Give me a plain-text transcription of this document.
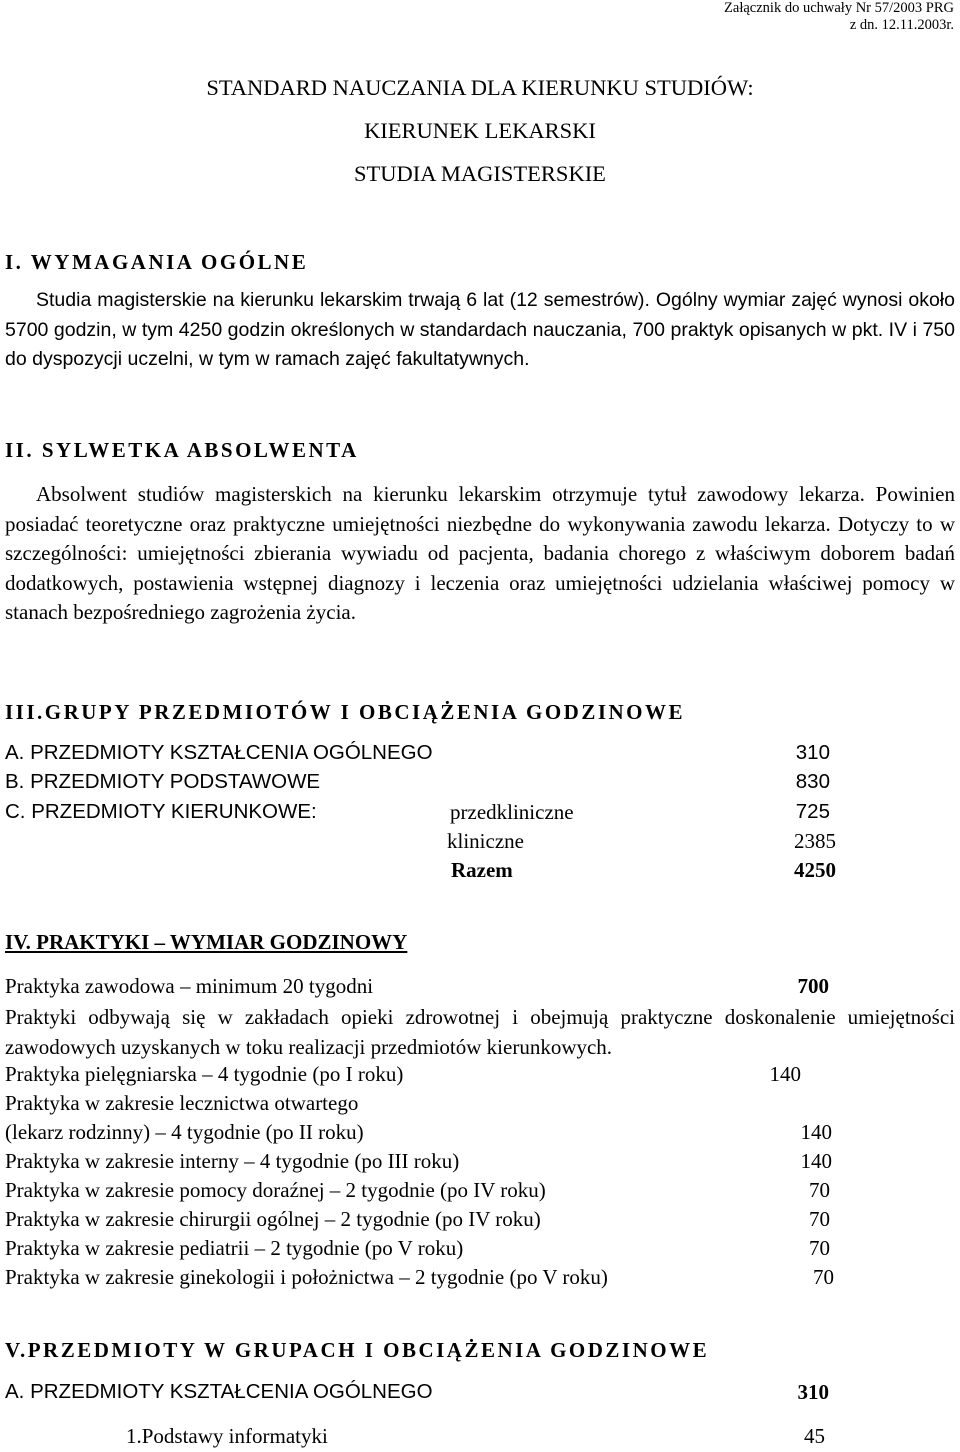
Załącznik do uchwały Nr 57/2003 PRG
z dn. 12.11.2003r.
STANDARD NAUCZANIA DLA KIERUNKU STUDIÓW:
KIERUNEK LEKARSKI
STUDIA MAGISTERSKIE
I. WYMAGANIA OGÓLNE
Studia magisterskie na kierunku lekarskim trwają 6 lat (12 semestrów). Ogólny wymiar zajęć wynosi około 5700 godzin, w tym 4250 godzin określonych w standardach nauczania, 700 praktyk opisanych w pkt. IV i 750 do dyspozycji uczelni, w tym w ramach zajęć fakultatywnych.
II. SYLWETKA ABSOLWENTA
Absolwent studiów magisterskich na kierunku lekarskim otrzymuje tytuł zawodowy lekarza. Powinien posiadać teoretyczne oraz praktyczne umiejętności niezbędne do wykonywania zawodu lekarza. Dotyczy to w szczególności: umiejętności zbierania wywiadu od pacjenta, badania chorego z właściwym doborem badań dodatkowych, postawienia wstępnej diagnozy i leczenia oraz umiejętności udzielania właściwej pomocy w stanach bezpośredniego zagrożenia życia.
III.GRUPY PRZEDMIOTÓW I OBCIĄŻENIA GODZINOWE
A. PRZEDMIOTY KSZTAŁCENIA OGÓLNEGO	310
B. PRZEDMIOTY PODSTAWOWE	830
C. PRZEDMIOTY KIERUNKOWE:	przedkliniczne	725
kliniczne	2385
Razem	4250
IV. PRAKTYKI – WYMIAR GODZINOWY
Praktyka zawodowa – minimum 20 tygodni	700
Praktyki odbywają się w zakładach opieki zdrowotnej i obejmują praktyczne doskonalenie umiejętności zawodowych uzyskanych w toku realizacji przedmiotów kierunkowych.
Praktyka pielęgniarska – 4 tygodnie (po I roku)	140
Praktyka w zakresie lecznictwa otwartego
(lekarz rodzinny) – 4 tygodnie (po II roku)	140
Praktyka w zakresie interny – 4 tygodnie (po III roku)	140
Praktyka w zakresie pomocy doraźnej – 2 tygodnie (po IV roku)	70
Praktyka w zakresie chirurgii ogólnej – 2 tygodnie (po IV roku)	70
Praktyka w zakresie pediatrii – 2 tygodnie (po V roku)	70
Praktyka w zakresie ginekologii i położnictwa – 2 tygodnie (po V roku)	70
V.PRZEDMIOTY W GRUPACH I OBCIĄŻENIA GODZINOWE
A. PRZEDMIOTY KSZTAŁCENIA OGÓLNEGO	310
1.Podstawy informatyki	45
